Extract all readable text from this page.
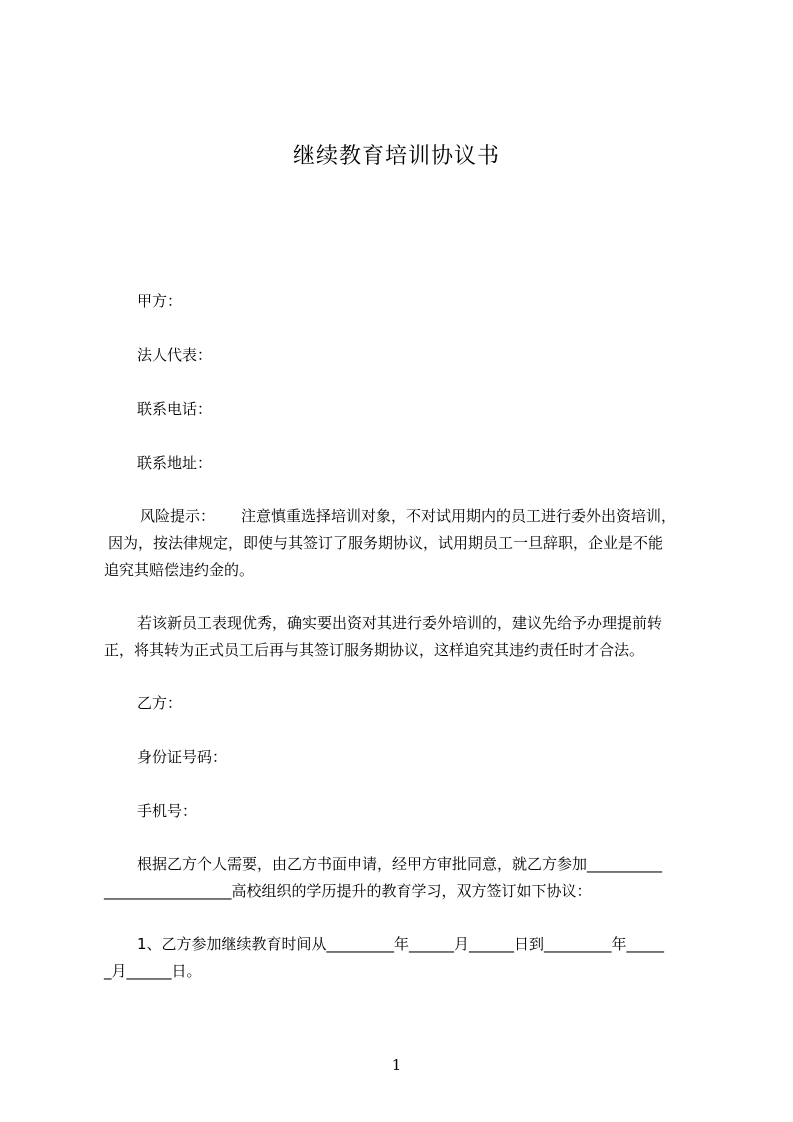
继续教育培训协议书
甲方：
法人代表：
联系电话：
联系地址：
风险提示： 注意慎重选择培训对象，不对试用期内的员工进行委外出资培训，
因为，按法律规定，即使与其签订了服务期协议，试用期员工一旦辞职，企业是不能
追究其赔偿违约金的。
若该新员工表现优秀，确实要出资对其进行委外培训的，建议先给予办理提前转
正，将其转为正式员工后再与其签订服务期协议，这样追究其违约责任时才合法。
乙方：
身份证号码：
手机号：
根据乙方个人需要，由乙方书面申请，经甲方审批同意，就乙方参加__________
_________________高校组织的学历提升的教育学习，双方签订如下协议：
1、乙方参加继续教育时间从_________年______月______日到_________年_____
_月______日。
1
